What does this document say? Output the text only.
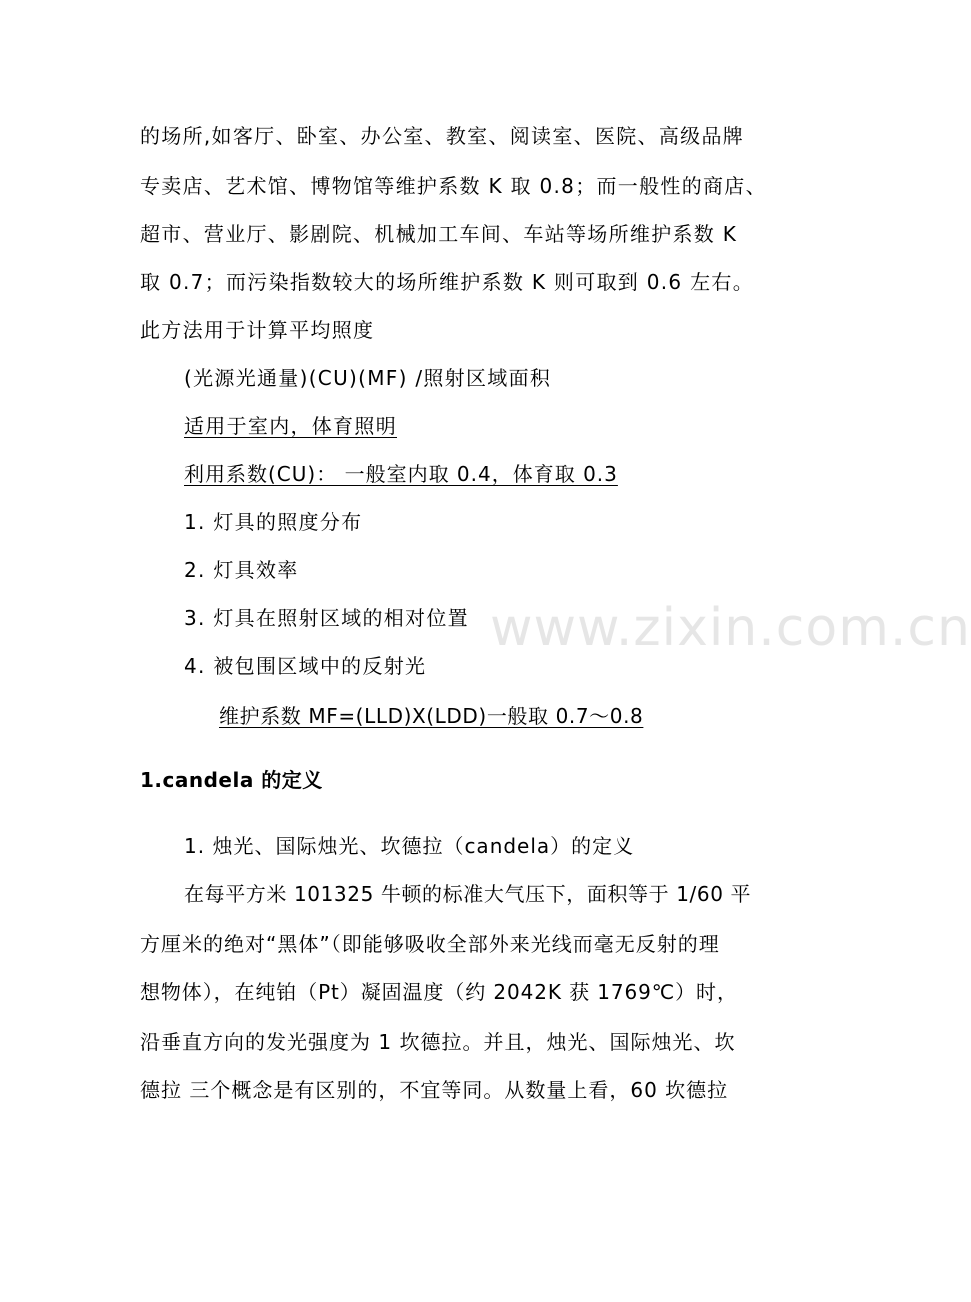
www.zixin.com.cn
的场所,如客厅、卧室、办公室、教室、阅读室、医院、高级品牌
专卖店、艺术馆、博物馆等维护系数 K 取 0.8；而一般性的商店、
超市、营业厅、影剧院、机械加工车间、车站等场所维护系数 K
取 0.7；而污染指数较大的场所维护系数 K 则可取到 0.6 左右。
此方法用于计算平均照度
(光源光通量)(CU)(MF) /照射区域面积
适用于室内，体育照明
利用系数(CU)： 一般室内取 0.4，体育取 0.3
1. 灯具的照度分布
2. 灯具效率
3. 灯具在照射区域的相对位置
4. 被包围区域中的反射光
维护系数 MF=(LLD)X(LDD)一般取 0.7～0.8
1.candela 的定义
1. 烛光、国际烛光、坎德拉（candela）的定义
在每平方米 101325 牛顿的标准大气压下，面积等于 1/60 平
方厘米的绝对“黑体”（即能够吸收全部外来光线而毫无反射的理
想物体），在纯铂（Pt）凝固温度（约 2042K 获 1769℃）时，
沿垂直方向的发光强度为 1 坎德拉。并且，烛光、国际烛光、坎
德拉 三个概念是有区别的，不宜等同。从数量上看，60 坎德拉
